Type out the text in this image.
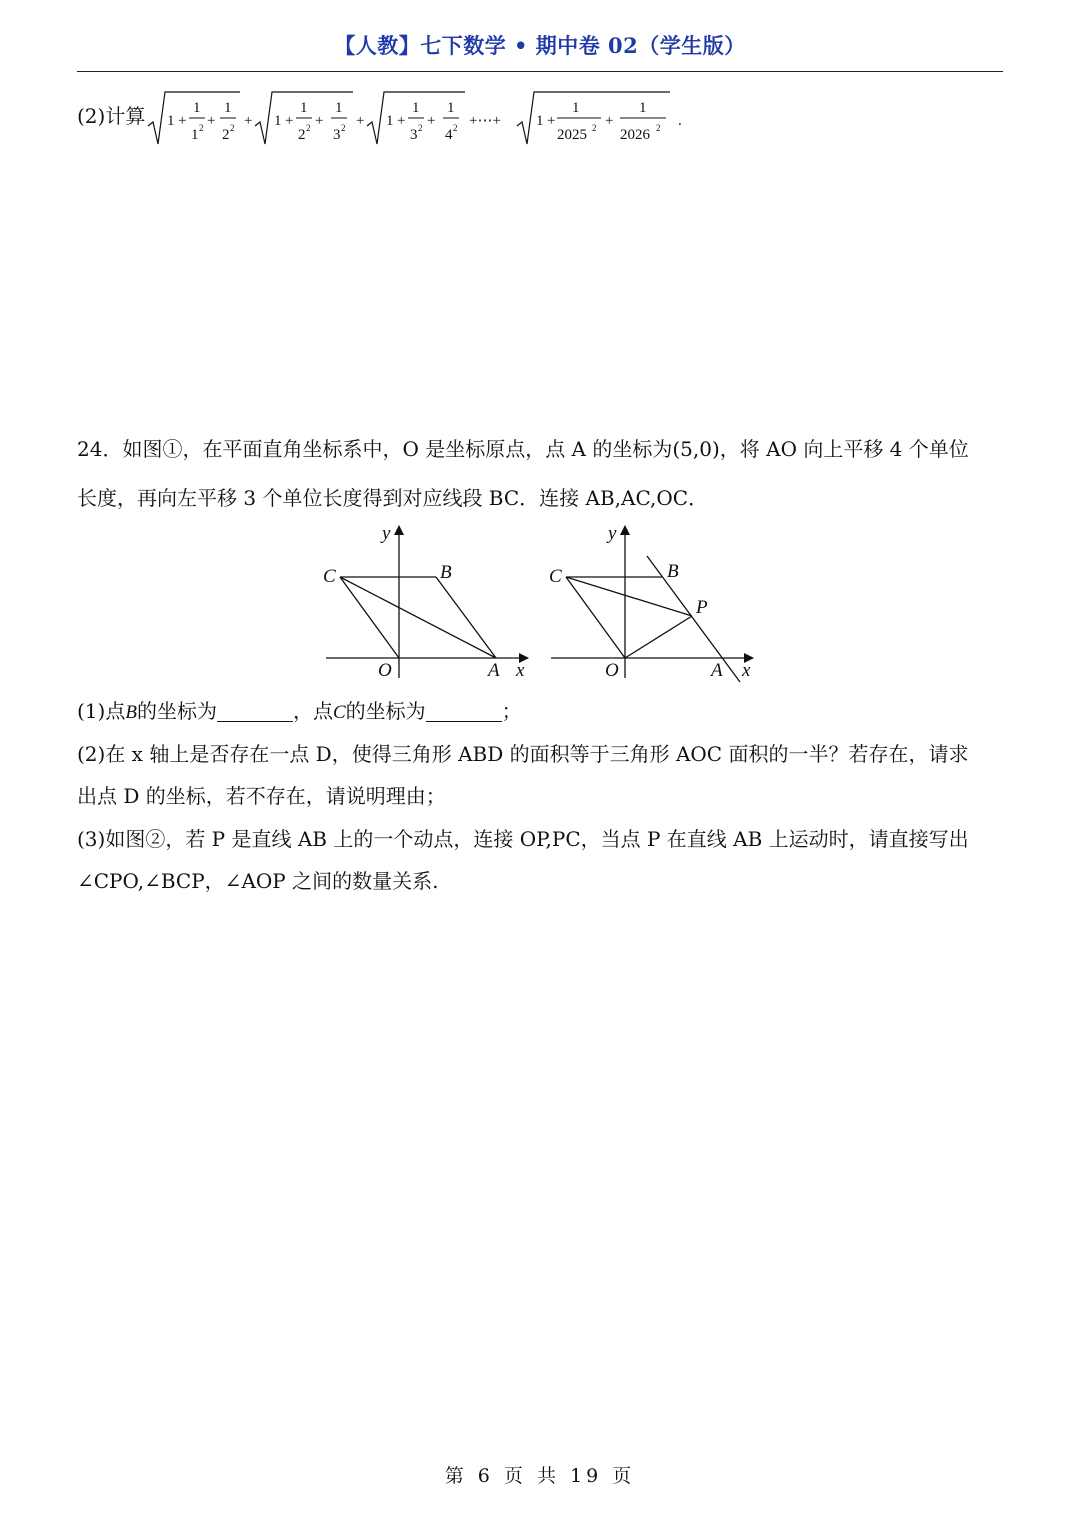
【人教】七下数学 • 期中卷 02（学生版）
(2)计算 1 +
1
1 2 +
1
2 2 + 1 +
1
2 2 +
1
3 2 + 1 +
1
3 2 +
1
4 2 +⋯+ 1 +
1
2025 2 +
1
2026 2 .
24．如图①，在平面直角坐标系中，O 是坐标原点，点 A 的坐标为(5,0)，将 AO 向上平移 4 个单位
长度，再向左平移 3 个单位长度得到对应线段 BC．连接 AB,AC,OC．
y
C	B
O	A x
y
C	B
P
O	A x
(1)点B的坐标为	，点C的坐标为	；
(2)在 x 轴上是否存在一点 D，使得三角形 ABD 的面积等于三角形 AOC 面积的一半？若存在，请求
出点 D 的坐标，若不存在，请说明理由；
(3)如图②，若 P 是直线 AB 上的一个动点，连接 OP,PC，当点 P 在直线 AB 上运动时，请直接写出
∠CPO,∠BCP，∠AOP 之间的数量关系.
第 6 页 共 19 页
